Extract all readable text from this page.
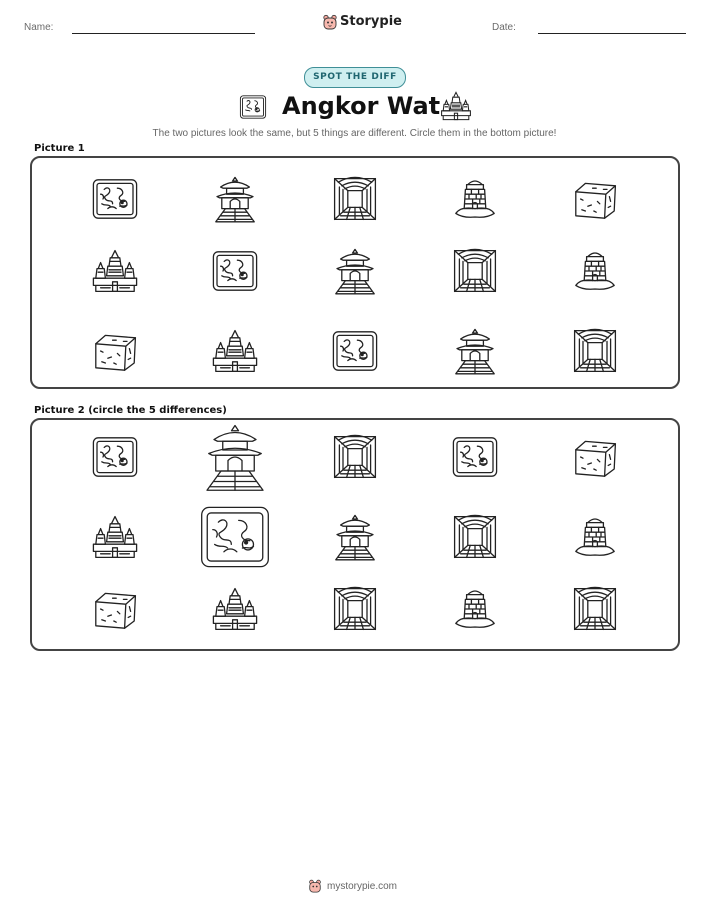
Name:	Storypie	Date:
SPOT THE DIFF
Angkor Wat
The two pictures look the same, but 5 things are different. Circle them in the bottom picture!
Picture 1
Picture 2 (circle the 5 differences)
mystorypie.com
